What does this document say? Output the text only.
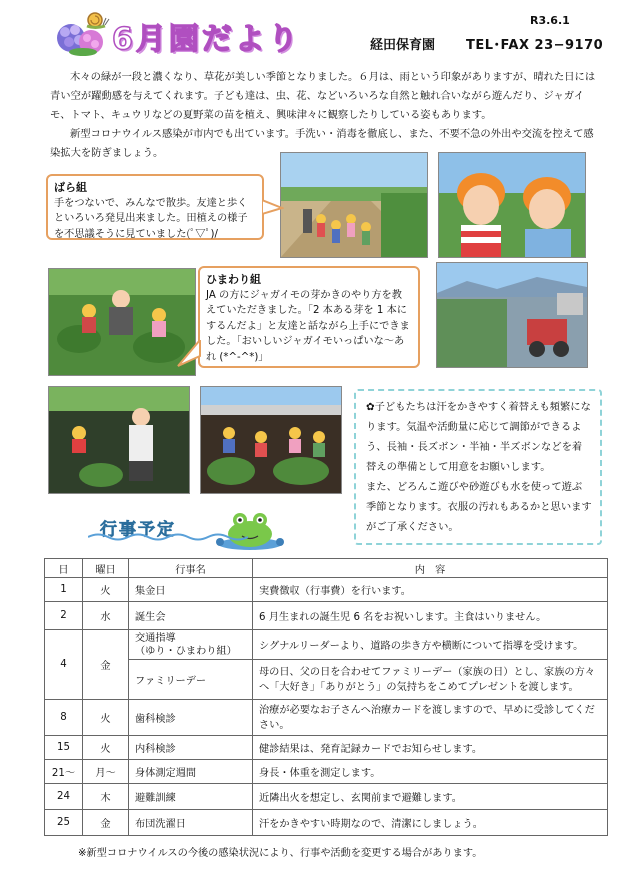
6月園だより
R3.6.1
経田保育園 TEL･FAX 23−9170

木々の緑が一段と濃くなり、草花が美しい季節となりました。６月は、雨という印象がありますが、晴れた日には青い空が躍動感を与えてくれます。子ども達は、虫、花、などいろいろな自然と触れ合いながら遊んだり、ジャガイモ、トマト、キュウリなどの夏野菜の苗を植え、興味津々に観察したりしている姿もあります。

新型コロナウイルス感染が市内でも出ています。手洗い・消毒を徹底し、また、不要不急の外出や交流を控えて感染拡大を防ぎましょう。

ばら組
手をつないで、みんなで散歩。友達と歩くといろいろ発見出来ました。田植えの様子を不思議そうに見ていました(ﾟ▽ﾟ)/
ひまわり組
JA の方にジャガイモの芽かきのやり方を教えていただきました。「2 本ある芽を 1 本にするんだよ」と友達と話ながら上手にできました。「おいしいジャガイモいっぱいな〜あれ (*^-^*)」

✿子どもたちは汗をかきやすく着替えも頻繁になります。気温や活動量に応じて調節ができるよう、長袖・長ズボン・半袖・半ズボンなどを着替えの準備として用意をお願いします。

また、どろんこ遊びや砂遊びも水を使って遊ぶ季節となります。衣服の汚れもあるかと思いますがご了承ください。

行事予定
日	曜日	行事名	内　容
1	火	集金日	実費徴収（行事費）を行います。
2	水	誕生会	6 月生まれの誕生児 6 名をお祝いします。主食はいりません。
4	金	交通指導
（ゆり・ひまわり組）	シグナルリーダーより、道路の歩き方や横断について指導を受けます。
		ファミリーデー	母の日、父の日を合わせてファミリーデー（家族の日）とし、家族の方々へ「大好き」「ありがとう」の気持ちをこめてプレゼントを渡します。
8	火	歯科検診	治療が必要なお子さんへ治療カードを渡しますので、早めに受診してください。
15	火	内科検診	健診結果は、発育記録カードでお知らせします。
21〜	月〜	身体測定週間	身長・体重を測定します。
24	木	避難訓練	近隣出火を想定し、玄関前まで避難します。
25	金	布団洗濯日	汗をかきやすい時期なので、清潔にしましょう。
※新型コロナウイルスの今後の感染状況により、行事や活動を変更する場合があります。
